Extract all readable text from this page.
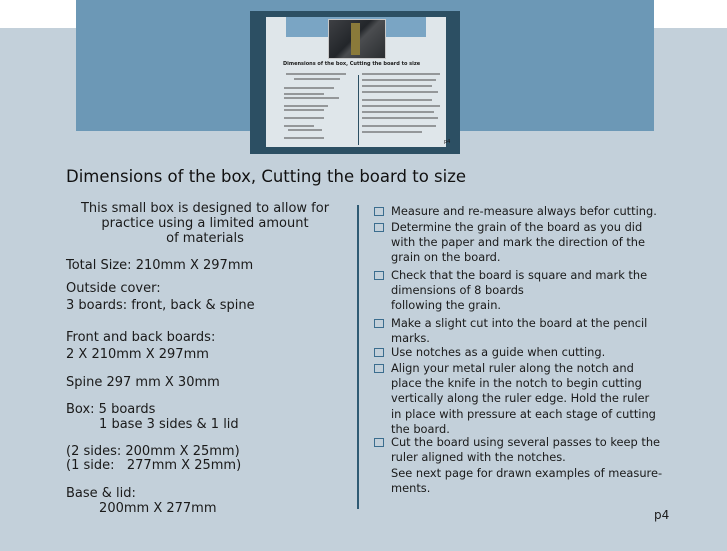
Dimensions of the box, Cutting the board to size
p4
Dimensions of the box, Cutting the board to size
This small box is designed to allow for
practice using a limited amount
of materials
Total Size: 210mm X 297mm
Outside cover:
3 boards: front, back & spine
Front and back boards:
2 X 210mm X 297mm
Spine 297 mm X 30mm
Box: 5 boards
1 base 3 sides & 1 lid
(2 sides: 200mm X 25mm)
(1 side:   277mm X 25mm)
Base & lid:
200mm X 277mm
Measure and re-measure always befor cutting.
Determine the grain of the board as you did
with the paper and mark the direction of the
grain on the board.
Check that the board is square and mark the
dimensions of 8 boards
following the grain.
Make a slight cut into the board at the pencil
marks.
Use notches as a guide when cutting.
Align your metal ruler along the notch and
place the knife in the notch to begin cutting
vertically along the ruler edge. Hold the ruler
in place with pressure at each stage of cutting
the board.
Cut the board using several passes to keep the
ruler aligned with the notches.
See next page for drawn examples of measure-
ments.
p4
